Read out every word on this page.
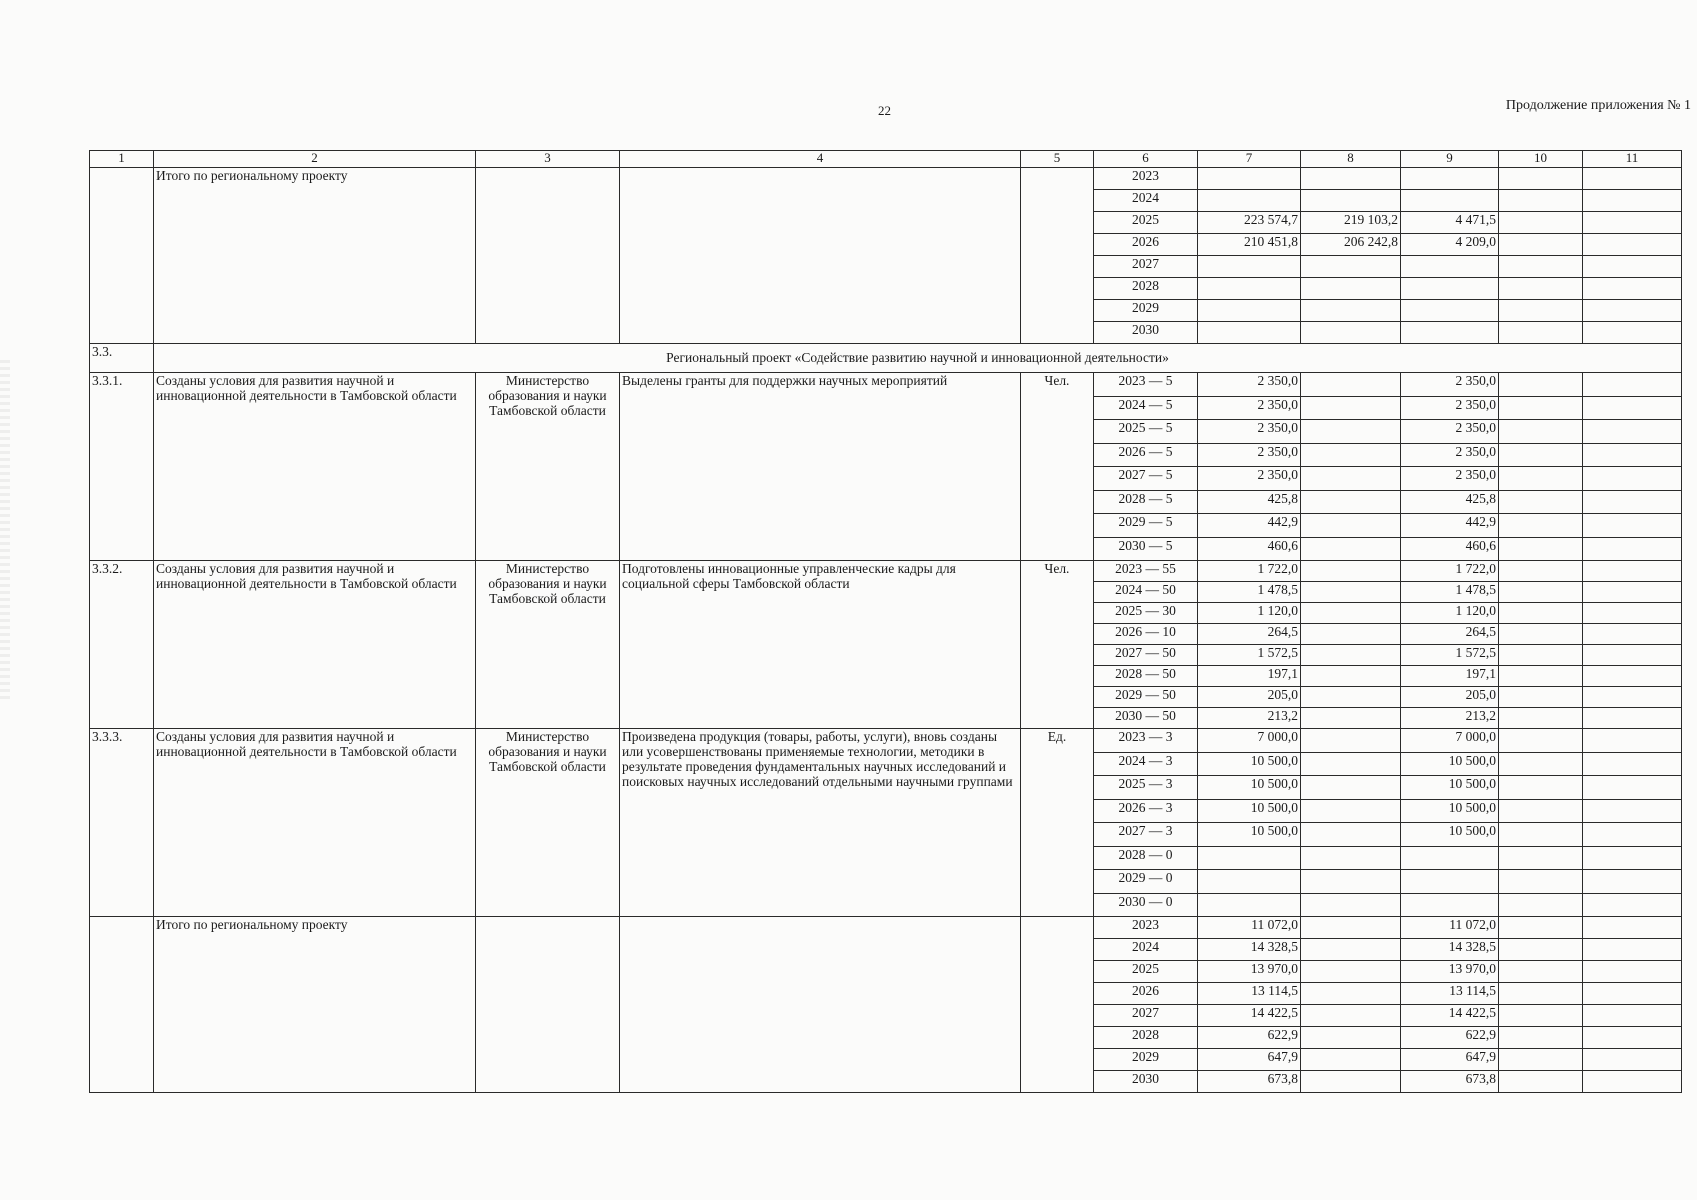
22	Продолжение приложения № 1
1	2	3	4	5	6	7	8	9	10	11
	Итого по региональному проекту				2023					
					2024					
					2025	223 574,7	219 103,2	4 471,5		
					2026	210 451,8	206 242,8	4 209,0		
					2027					
					2028					
					2029					
					2030					
3.3.	Региональный проект «Содействие развитию научной и инновационной деятельности»									
3.3.1.	Созданы условия для развития научной и инновационной деятельности в Тамбовской области	Министерство образования и науки Тамбовской области	Выделены гранты для поддержки научных мероприятий	Чел.	2023 — 5	2 350,0		2 350,0		
					2024 — 5	2 350,0		2 350,0		
					2025 — 5	2 350,0		2 350,0		
					2026 — 5	2 350,0		2 350,0		
					2027 — 5	2 350,0		2 350,0		
					2028 — 5	425,8		425,8		
					2029 — 5	442,9		442,9		
					2030 — 5	460,6		460,6		
3.3.2.	Созданы условия для развития научной и инновационной деятельности в Тамбовской области	Министерство образования и науки Тамбовской области	Подготовлены инновационные управленческие кадры для социальной сферы Тамбовской области	Чел.	2023 — 55	1 722,0		1 722,0		
					2024 — 50	1 478,5		1 478,5		
					2025 — 30	1 120,0		1 120,0		
					2026 — 10	264,5		264,5		
					2027 — 50	1 572,5		1 572,5		
					2028 — 50	197,1		197,1		
					2029 — 50	205,0		205,0		
					2030 — 50	213,2		213,2		
3.3.3.	Созданы условия для развития научной и инновационной деятельности в Тамбовской области	Министерство образования и науки Тамбовской области	Произведена продукция (товары, работы, услуги), вновь созданы или усовершенствованы применяемые технологии, методики в результате проведения фундаментальных научных исследований и поисковых научных исследований отдельными научными группами	Ед.	2023 — 3	7 000,0		7 000,0		
					2024 — 3	10 500,0		10 500,0		
					2025 — 3	10 500,0		10 500,0		
					2026 — 3	10 500,0		10 500,0		
					2027 — 3	10 500,0		10 500,0		
					2028 — 0					
					2029 — 0					
					2030 — 0					
	Итого по региональному проекту				2023	11 072,0		11 072,0		
					2024	14 328,5		14 328,5		
					2025	13 970,0		13 970,0		
					2026	13 114,5		13 114,5		
					2027	14 422,5		14 422,5		
					2028	622,9		622,9		
					2029	647,9		647,9		
					2030	673,8		673,8		
